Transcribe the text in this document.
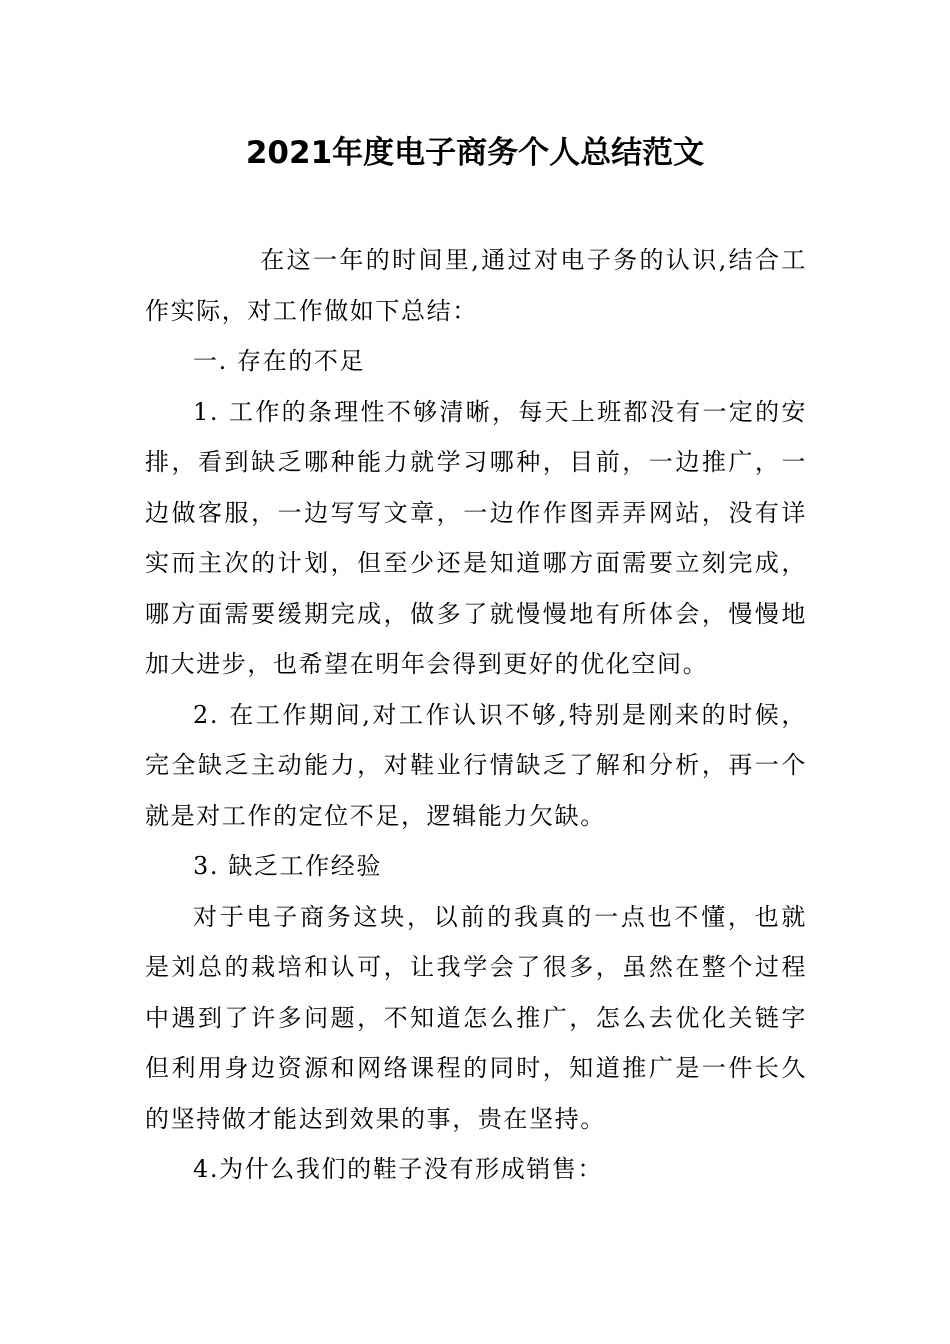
2021年度电子商务个人总结范文

在这一年的时间里,通过对电子务的认识,结合工作实际，对工作做如下总结：

一. 存在的不足

1. 工作的条理性不够清晰，每天上班都没有一定的安排，看到缺乏哪种能力就学习哪种，目前，一边推广，一边做客服，一边写写文章，一边作作图弄弄网站，没有详实而主次的计划，但至少还是知道哪方面需要立刻完成，哪方面需要缓期完成，做多了就慢慢地有所体会，慢慢地加大进步，也希望在明年会得到更好的优化空间。

2. 在工作期间,对工作认识不够,特别是刚来的时候，完全缺乏主动能力，对鞋业行情缺乏了解和分析，再一个就是对工作的定位不足，逻辑能力欠缺。

3. 缺乏工作经验

对于电子商务这块，以前的我真的一点也不懂，也就是刘总的栽培和认可，让我学会了很多，虽然在整个过程中遇到了许多问题，不知道怎么推广，怎么去优化关链字但利用身边资源和网络课程的同时，知道推广是一件长久的坚持做才能达到效果的事，贵在坚持。

4.为什么我们的鞋子没有形成销售：
